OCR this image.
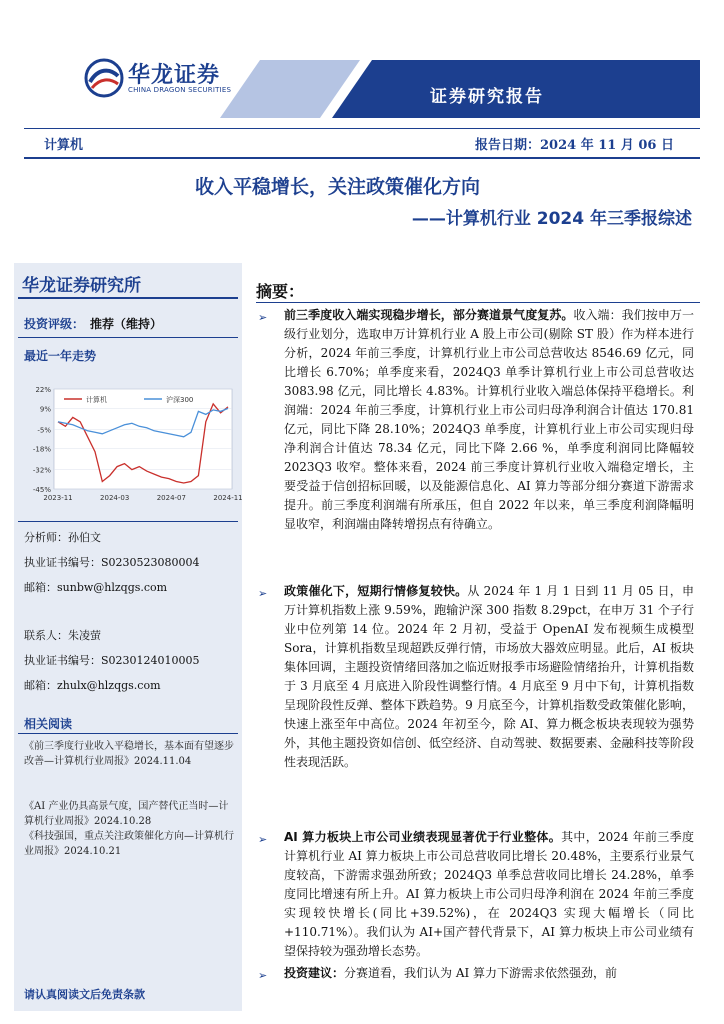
华龙证券
CHINA DRAGON SECURITIES	证券研究报告
计算机	报告日期：2024 年 11 月 06 日
收入平稳增长，关注政策催化方向
——计算机行业 2024 年三季报综述
华龙证券研究所
投资评级： 推荐（维持）
最近一年走势
22%
9%
-5%
-18%
-32%
-45%
2023-11	2024-03	2024-07	2024-11
计算机	沪深300
分析师：孙伯文
执业证书编号：S0230523080004
邮箱：sunbw@hlzqgs.com
联系人：朱凌萤
执业证书编号：S0230124010005
邮箱：zhulx@hlzqgs.com
相关阅读
《前三季度行业收入平稳增长，基本面有望逐步改善—计算机行业周报》2024.11.04
《AI 产业仍具高景气度，国产替代正当时—计算机行业周报》2024.10.28
《科技强国，重点关注政策催化方向—计算机行业周报》2024.10.21
请认真阅读文后免责条款
摘要：
➢ 前三季度收入端实现稳步增长，部分赛道景气度复苏。收入端：我们按申万一级行业划分，选取申万计算机行业 A 股上市公司(剔除 ST 股）作为样本进行分析，2024 年前三季度，计算机行业上市公司总营收达 8546.69 亿元，同比增长 6.70%；单季度来看，2024Q3 单季计算机行业上市公司总营收达 3083.98 亿元，同比增长 4.83%。计算机行业收入端总体保持平稳增长。利润端：2024 年前三季度，计算机行业上市公司归母净利润合计值达 170.81 亿元，同比下降 28.10%；2024Q3 单季度，计算机行业上市公司实现归母净利润合计值达 78.34 亿元，同比下降 2.66 %，单季度利润同比降幅较 2023Q3 收窄。整体来看，2024 前三季度计算机行业收入端稳定增长，主要受益于信创招标回暖，以及能源信息化、AI 算力等部分细分赛道下游需求提升。前三季度利润端有所承压，但自 2022 年以来，单三季度利润降幅明显收窄，利润端由降转增拐点有待确立。
➢ 政策催化下，短期行情修复较快。从 2024 年 1 月 1 日到 11 月 05 日，申万计算机指数上涨 9.59%，跑输沪深 300 指数 8.29pct，在申万 31 个子行业中位列第 14 位。2024 年 2 月初，受益于 OpenAI 发布视频生成模型 Sora，计算机指数呈现超跌反弹行情，市场放大器效应明显。此后，AI 板块集体回调，主题投资情绪回落加之临近财报季市场避险情绪抬升，计算机指数于 3 月底至 4 月底进入阶段性调整行情。4 月底至 9 月中下旬，计算机指数呈现阶段性反弹、整体下跌趋势。9 月底至今，计算机指数受政策催化影响，快速上涨至年中高位。2024 年初至今，除 AI、算力概念板块表现较为强势外，其他主题投资如信创、低空经济、自动驾驶、数据要素、金融科技等阶段性表现活跃。
➢ AI 算力板块上市公司业绩表现显著优于行业整体。其中，2024 年前三季度计算机行业 AI 算力板块上市公司总营收同比增长 20.48%，主要系行业景气度较高，下游需求强劲所致；2024Q3 单季总营收同比增长 24.28%，单季度同比增速有所上升。AI 算力板块上市公司归母净利润在 2024 年前三季度实现较快增长(同比+39.52%)，在 2024Q3 实现大幅增长（同比+110.71%）。我们认为 AI+国产替代背景下，AI 算力板块上市公司业绩有望保持较为强劲增长态势。
➢ 投资建议：分赛道看，我们认为 AI 算力下游需求依然强劲，前
